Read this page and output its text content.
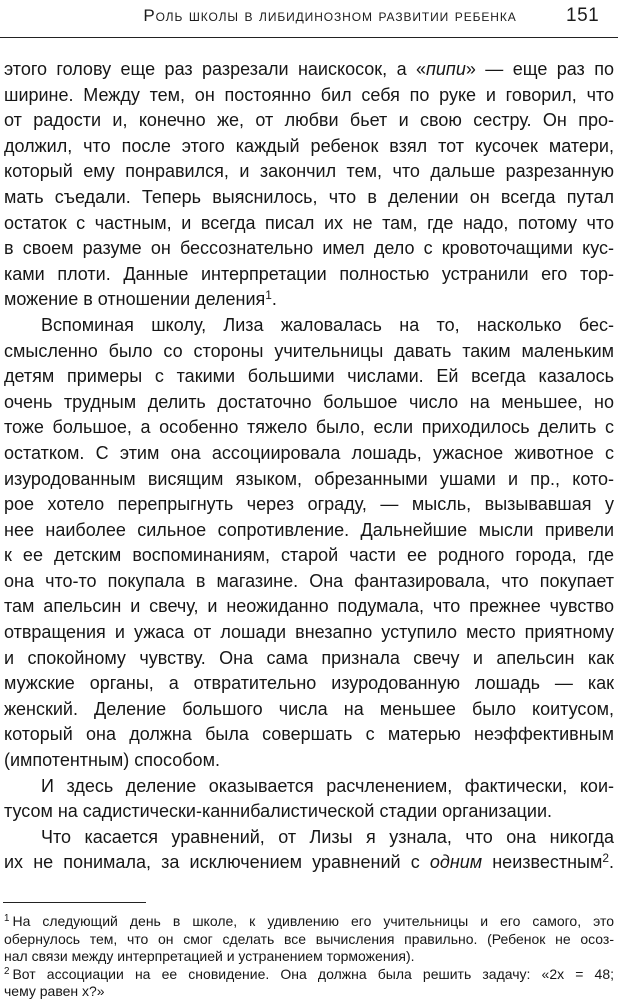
Роль школы в либидинозном развитии ребенка	151
этого голову еще раз разрезали наискосок, а «пипи» — еще раз по
ширине. Между тем, он постоянно бил себя по руке и говорил, что
от радости и, конечно же, от любви бьет и свою сестру. Он про-
должил, что после этого каждый ребенок взял тот кусочек матери,
который ему понравился, и закончил тем, что дальше разрезанную
мать съедали. Теперь выяснилось, что в делении он всегда путал
остаток с частным, и всегда писал их не там, где надо, потому что
в своем разуме он бессознательно имел дело с кровоточащими кус-
ками плоти. Данные интерпретации полностью устранили его тор-
можение в отношении деления$^1$.
Вспоминая школу, Лиза жаловалась на то, насколько бес-
смысленно было со стороны учительницы давать таким маленьким
детям примеры с такими большими числами. Ей всегда казалось
очень трудным делить достаточно большое число на меньшее, но
тоже большое, а особенно тяжело было, если приходилось делить с
остатком. С этим она ассоциировала лошадь, ужасное животное с
изуродованным висящим языком, обрезанными ушами и пр., кото-
рое хотело перепрыгнуть через ограду, — мысль, вызывавшая у
нее наиболее сильное сопротивление. Дальнейшие мысли привели
к ее детским воспоминаниям, старой части ее родного города, где
она что-то покупала в магазине. Она фантазировала, что покупает
там апельсин и свечу, и неожиданно подумала, что прежнее чувство
отвращения и ужаса от лошади внезапно уступило место приятному
и спокойному чувству. Она сама признала свечу и апельсин как
мужские органы, а отвратительно изуродованную лошадь — как
женский. Деление большого числа на меньшее было коитусом,
который она должна была совершать с матерью неэффективным
(импотентным) способом.
И здесь деление оказывается расчленением, фактически, кои-
тусом на садистически-каннибалистической стадии организации.
Что касается уравнений, от Лизы я узнала, что она никогда
их не понимала, за исключением уравнений с одним неизвестным$^2$.
$^1$ На следующий день в школе, к удивлению его учительницы и его самого, это
обернулось тем, что он смог сделать все вычисления правильно. (Ребенок не осоз-
нал связи между интерпретацией и устранением торможения).
$^2$ Вот ассоциации на ее сновидение. Она должна была решить задачу: «2х = 48;
чему равен х?»
